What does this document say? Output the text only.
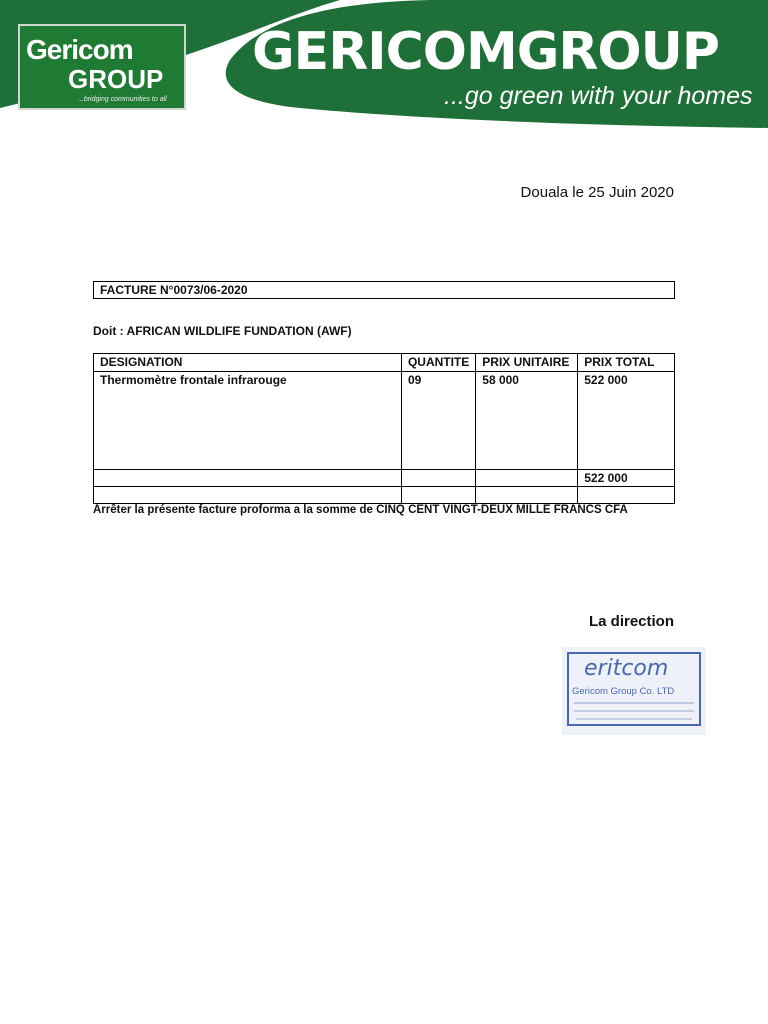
Gericom
GROUP
...bridging communities to all
GERICOMGROUP
...go green with your homes
Douala le 25 Juin 2020
FACTURE N°0073/06-2020
Doit : AFRICAN WILDLIFE FUNDATION (AWF)
DESIGNATION	QUANTITE	PRIX UNITAIRE	PRIX TOTAL
Thermomètre frontale infrarouge	09	58 000	522 000
			522 000

Arrêter la présente facture proforma a la somme de CINQ CENT VINGT-DEUX MILLE FRANCS CFA
La direction
eritcom
Gericom Group Co. LTD
